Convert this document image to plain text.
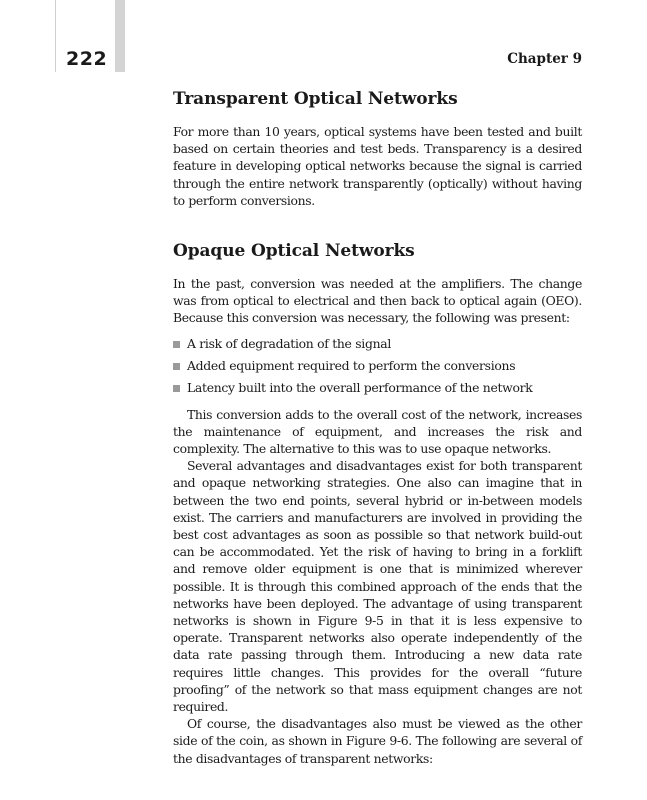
222	Chapter 9
Transparent Optical Networks

For more than 10 years, optical systems have been tested and built based on certain theories and test beds. Transparency is a desired feature in developing optical networks because the signal is carried through the entire network transparently (optically) without having to perform conversions.

Opaque Optical Networks

In the past, conversion was needed at the amplifiers. The change was from optical to electrical and then back to optical again (OEO). Because this conversion was necessary, the following was present:

A risk of degradation of the signal
Added equipment required to perform the conversions
Latency built into the overall performance of the network

This conversion adds to the overall cost of the network, increases the maintenance of equipment, and increases the risk and complexity. The alternative to this was to use opaque networks.

Several advantages and disadvantages exist for both transparent and opaque networking strategies. One also can imagine that in between the two end points, several hybrid or in-between models exist. The carriers and manufacturers are involved in providing the best cost advantages as soon as possible so that network build-out can be accommodated. Yet the risk of having to bring in a forklift and remove older equipment is one that is minimized wherever possible. It is through this combined approach of the ends that the networks have been deployed. The advantage of using transparent networks is shown in Figure 9-5 in that it is less expensive to operate. Transparent networks also operate independently of the data rate passing through them. Introducing a new data rate requires little changes. This provides for the overall “future proofing” of the network so that mass equipment changes are not required.

Of course, the disadvantages also must be viewed as the other side of the coin, as shown in Figure 9-6. The following are several of the disadvantages of transparent networks:
